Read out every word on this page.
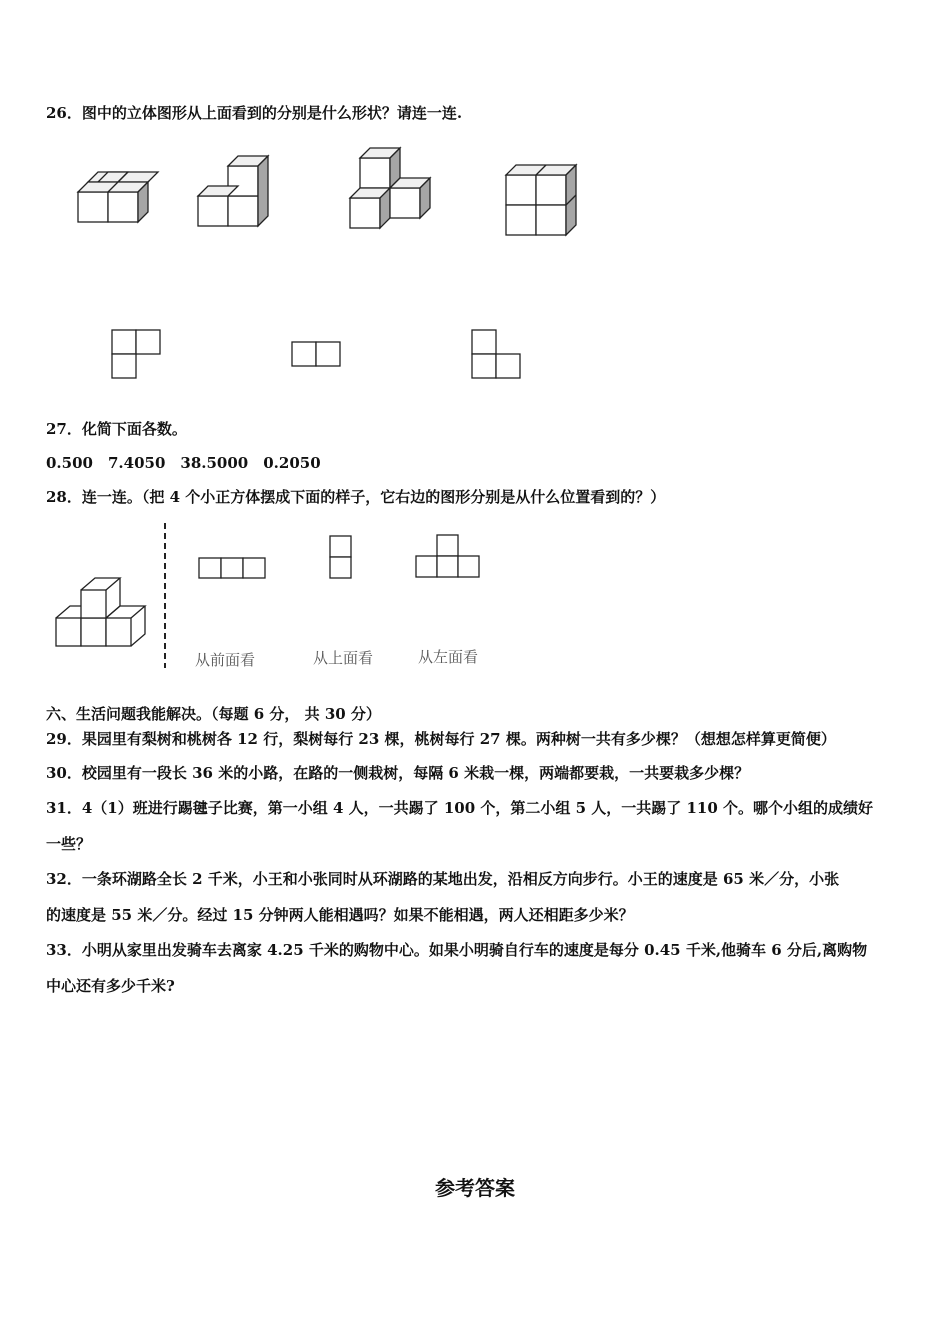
26．图中的立体图形从上面看到的分别是什么形状？请连一连.
27．化简下面各数。
0.500　7.4050　38.5000　0.2050
28．连一连。（把 4 个小正方体摆成下面的样子，它右边的图形分别是从什么位置看到的？）
从前面看	从上面看	从左面看
六、生活问题我能解决。（每题 6 分， 共 30 分）
29．果园里有梨树和桃树各 12 行，梨树每行 23 棵，桃树每行 27 棵。两种树一共有多少棵？（想想怎样算更简便）
30．校园里有一段长 36 米的小路，在路的一侧栽树，每隔 6 米栽一棵，两端都要栽，一共要栽多少棵？
31．4（1）班进行踢毽子比赛，第一小组 4 人，一共踢了 100 个，第二小组 5 人，一共踢了 110 个。哪个小组的成绩好
一些？
32．一条环湖路全长 2 千米，小王和小张同时从环湖路的某地出发，沿相反方向步行。小王的速度是 65 米／分，小张
的速度是 55 米／分。经过 15 分钟两人能相遇吗？如果不能相遇，两人还相距多少米？
33．小明从家里出发骑车去离家 4.25 千米的购物中心。如果小明骑自行车的速度是每分 0.45 千米,他骑车 6 分后,离购物
中心还有多少千米?
参考答案
